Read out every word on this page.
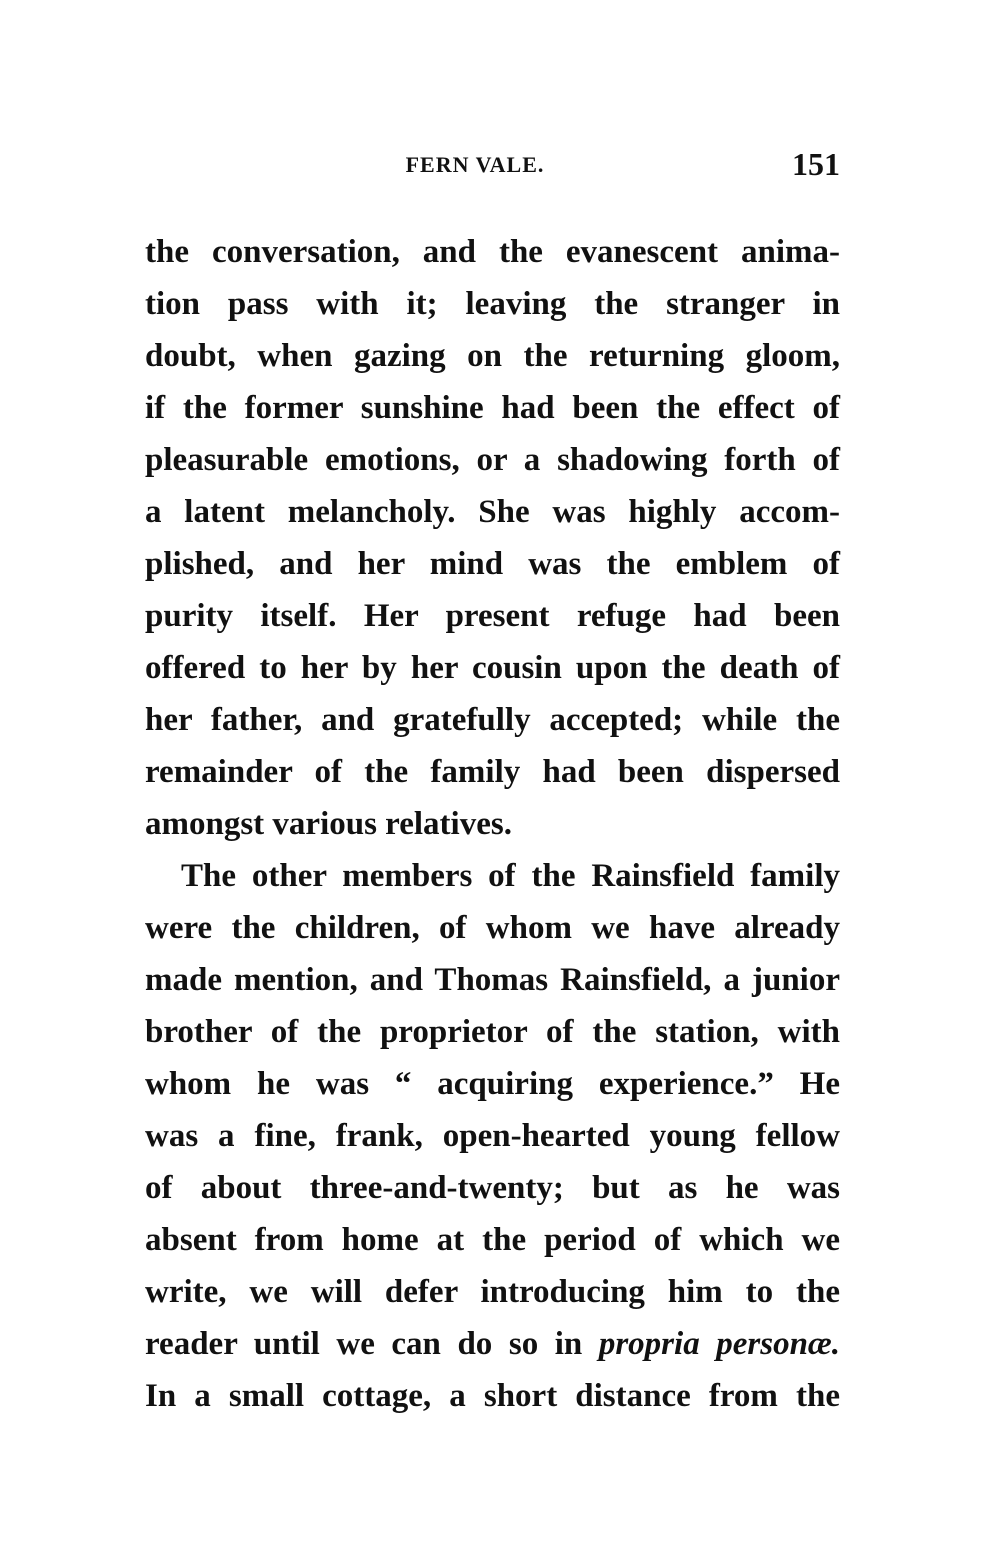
FERN VALE.	151
the conversation, and the evanescent anima-
tion pass with it; leaving the stranger in
doubt, when gazing on the returning gloom,
if the former sunshine had been the effect of
pleasurable emotions, or a shadowing forth of
a latent melancholy. She was highly accom-
plished, and her mind was the emblem of
purity itself. Her present refuge had been
offered to her by her cousin upon the death of
her father, and gratefully accepted; while the
remainder of the family had been dispersed
amongst various relatives.
The other members of the Rainsfield family
were the children, of whom we have already
made mention, and Thomas Rainsfield, a junior
brother of the proprietor of the station, with
whom he was “ acquiring experience.” He
was a fine, frank, open-hearted young fellow
of about three-and-twenty; but as he was
absent from home at the period of which we
write, we will defer introducing him to the
reader until we can do so in propria personæ.
In a small cottage, a short distance from the
